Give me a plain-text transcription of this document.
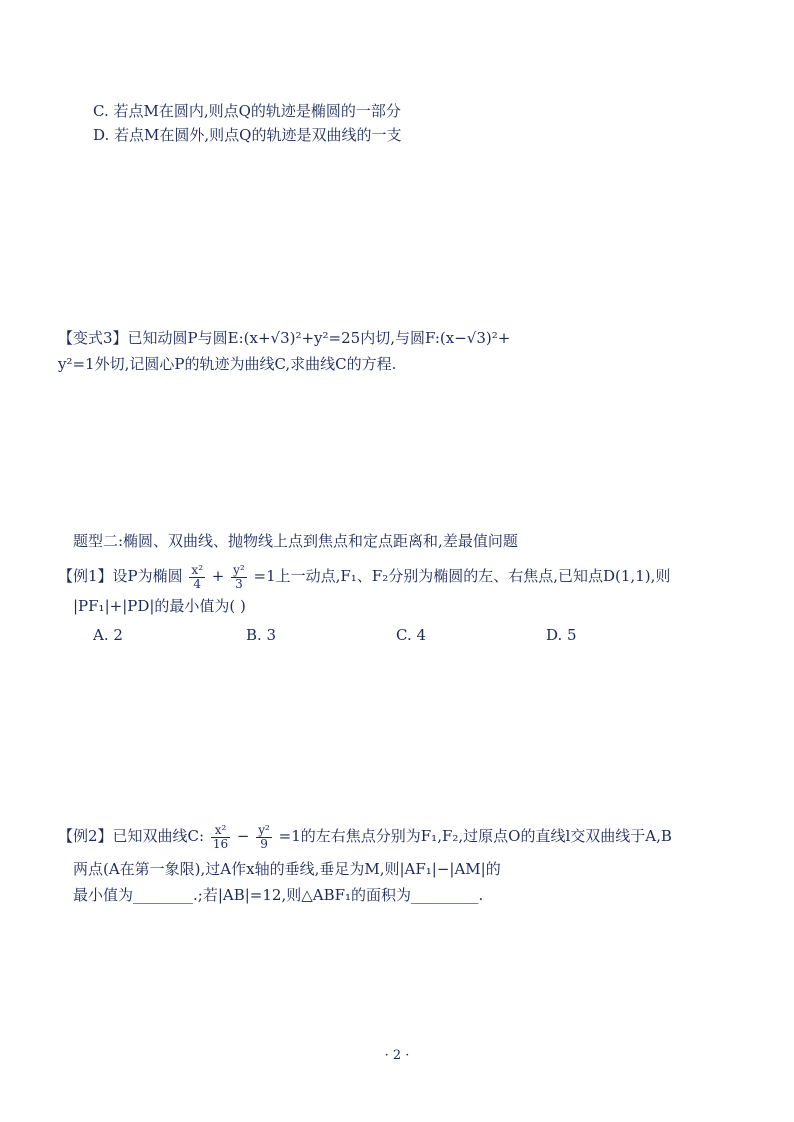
C. 若点M在圆内,则点Q的轨迹是椭圆的一部分
D. 若点M在圆外,则点Q的轨迹是双曲线的一支
【变式3】已知动圆P与圆E:(x+√3)²+y²=25内切,与圆F:(x−√3)²+
y²=1外切,记圆心P的轨迹为曲线C,求曲线C的方程.
题型二:椭圆、双曲线、抛物线上点到焦点和定点距离和,差最值问题
【例1】设P为椭圆 $\frac{\text{x²}}{4} + \frac{\text{y²}}{3} =1$上一动点,F₁、F₂分别为椭圆的左、右焦点,已知点D(1,1),则
|PF₁|+|PD|的最小值为( )
A. 2	B. 3	C. 4	D. 5
【例2】已知双曲线C: $\frac{\text{x²}}{16} - \frac{\text{y²}}{9} =1$的左右焦点分别为F₁,F₂,过原点O的直线l交双曲线于A,B
两点(A在第一象限),过A作x轴的垂线,垂足为M,则|AF₁|−|AM|的
最小值为________.;若|AB|=12,则△ABF₁的面积为_________.
· 2 ·
